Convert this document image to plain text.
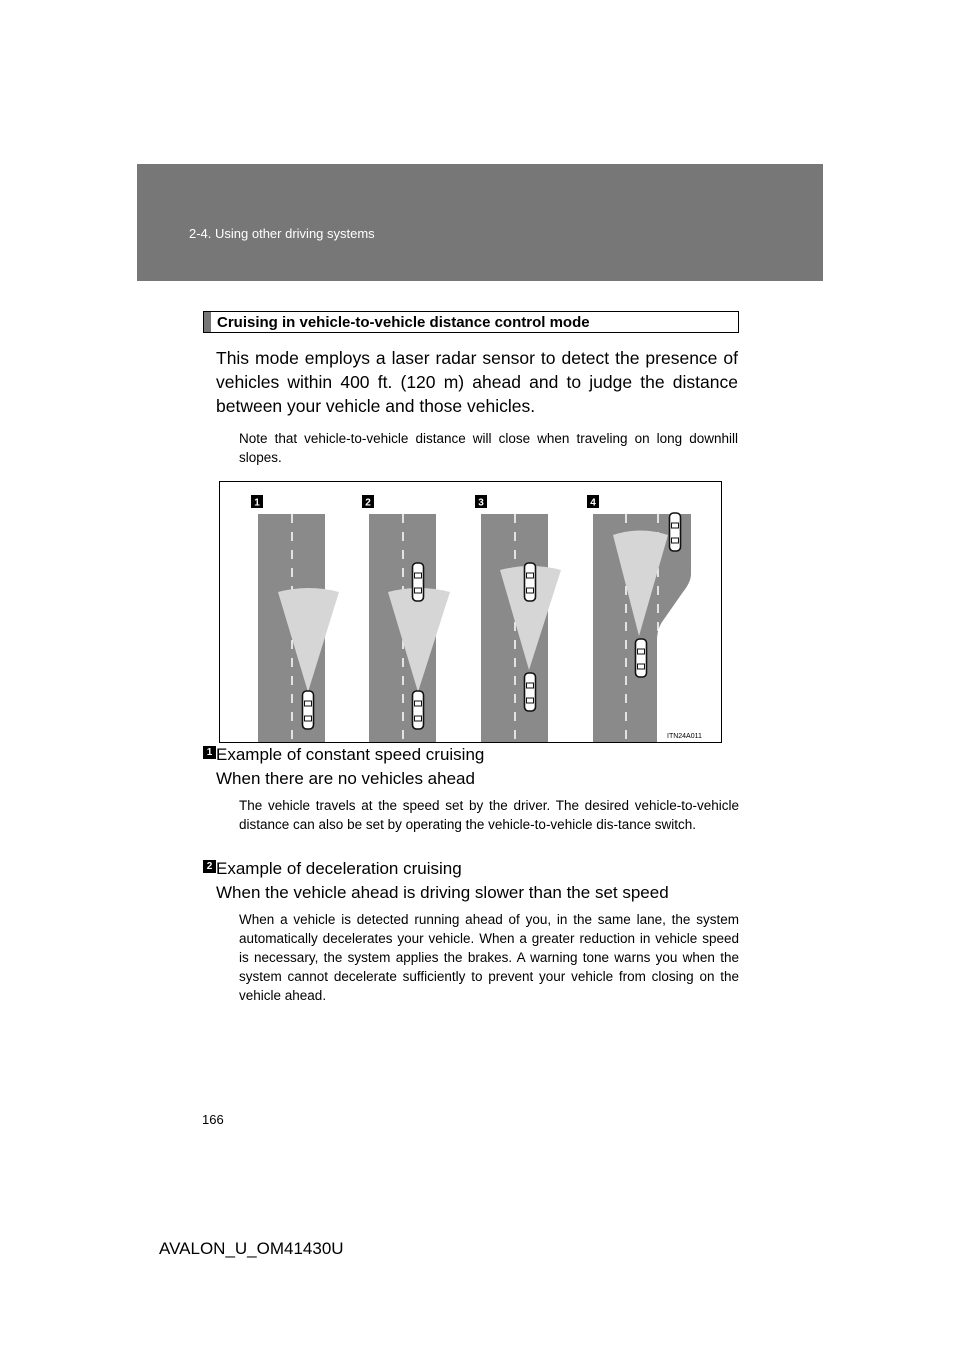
2-4. Using other driving systems
Cruising in vehicle-to-vehicle distance control mode
This mode employs a laser radar sensor to detect the presence of vehicles within 400 ft. (120 m) ahead and to judge the distance between your vehicle and those vehicles.
Note that vehicle-to-vehicle distance will close when traveling on long downhill slopes.
1	2	3	4
ITN24A011
1 Example of constant speed cruising
When there are no vehicles ahead
The vehicle travels at the speed set by the driver. The desired vehicle-to-vehicle distance can also be set by operating the vehicle-to-vehicle dis-tance switch.
2 Example of deceleration cruising
When the vehicle ahead is driving slower than the set speed
When a vehicle is detected running ahead of you, in the same lane, the system automatically decelerates your vehicle. When a greater reduction in vehicle speed is necessary, the system applies the brakes. A warning tone warns you when the system cannot decelerate sufficiently to prevent your vehicle from closing on the vehicle ahead.
166
AVALON_U_OM41430U
